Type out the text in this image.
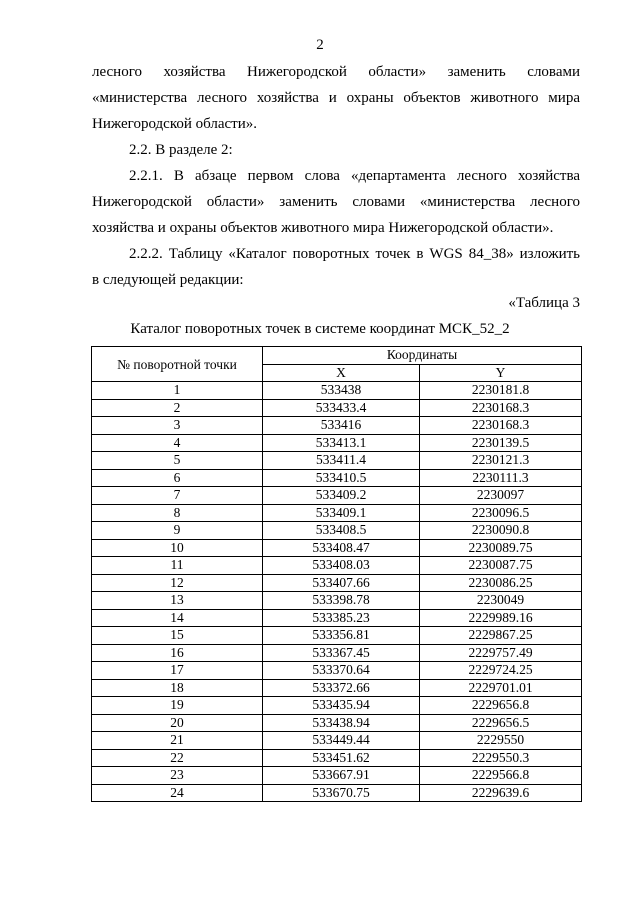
2
лесного хозяйства Нижегородской области» заменить словами
«министерства лесного хозяйства и охраны объектов животного мира
Нижегородской области».
2.2. В разделе 2:
2.2.1. В абзаце первом слова «департамента лесного хозяйства
Нижегородской области» заменить словами «министерства лесного
хозяйства и охраны объектов животного мира Нижегородской области».
2.2.2. Таблицу «Каталог поворотных точек в WGS 84_38» изложить
в следующей редакции:
«Таблица 3
Каталог поворотных точек в системе координат МСК_52_2
№ поворотной точки	Координаты	
	X	Y
1	533438	2230181.8
2	533433.4	2230168.3
3	533416	2230168.3
4	533413.1	2230139.5
5	533411.4	2230121.3
6	533410.5	2230111.3
7	533409.2	2230097
8	533409.1	2230096.5
9	533408.5	2230090.8
10	533408.47	2230089.75
11	533408.03	2230087.75
12	533407.66	2230086.25
13	533398.78	2230049
14	533385.23	2229989.16
15	533356.81	2229867.25
16	533367.45	2229757.49
17	533370.64	2229724.25
18	533372.66	2229701.01
19	533435.94	2229656.8
20	533438.94	2229656.5
21	533449.44	2229550
22	533451.62	2229550.3
23	533667.91	2229566.8
24	533670.75	2229639.6
